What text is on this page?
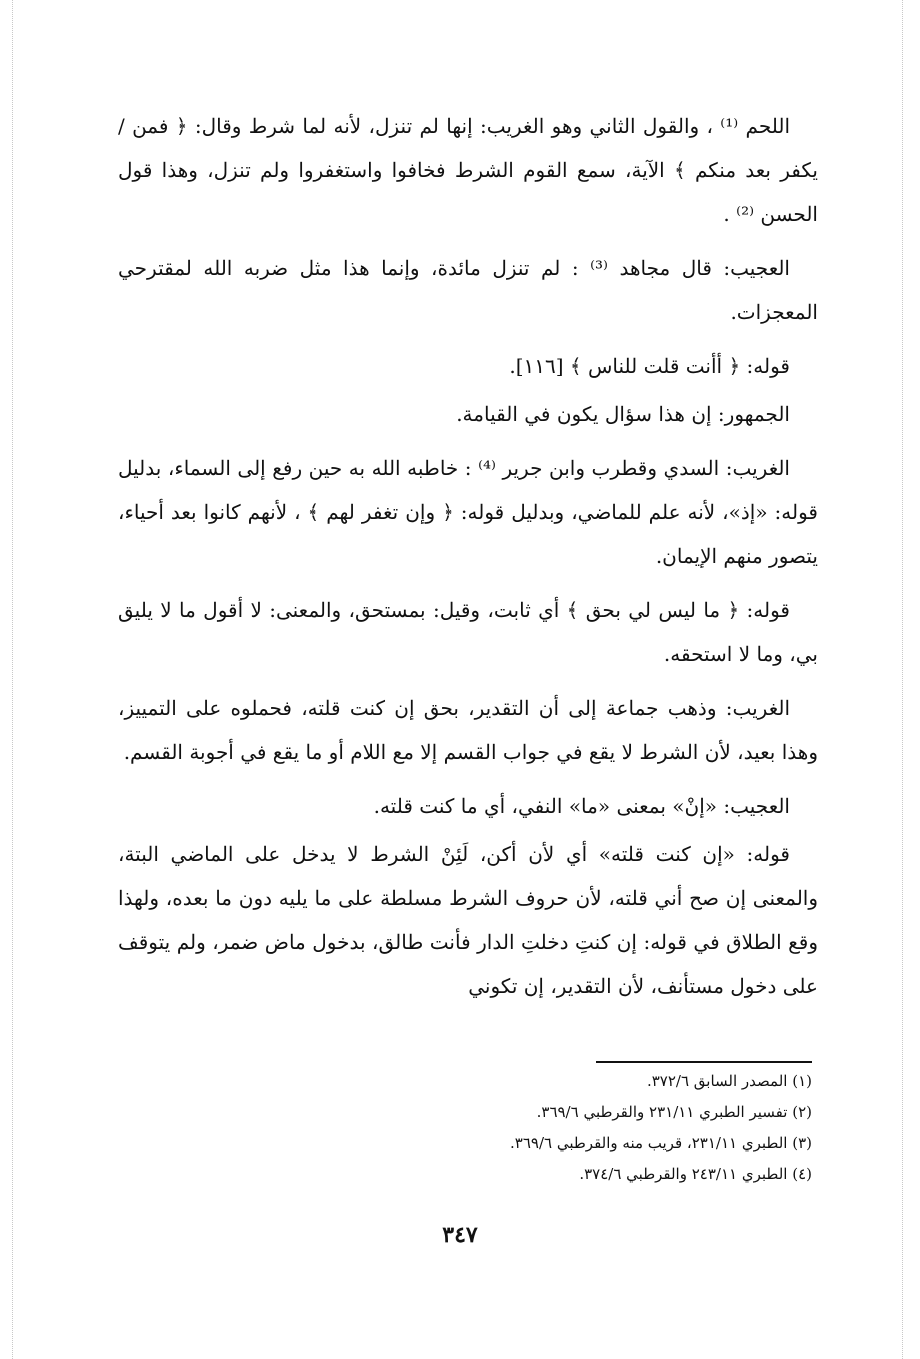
اللحم ⁽¹⁾ ، والقول الثاني وهو الغريب: إنها لم تنزل، لأنه لما شرط وقال: ﴿ فمن / يكفر بعد منكم ﴾ الآية، سمع القوم الشرط فخافوا واستغفروا ولم تنزل، وهذا قول الحسن ⁽²⁾ .

العجيب: قال مجاهد ⁽³⁾ : لم تنزل مائدة، وإنما هذا مثل ضربه الله لمقترحي المعجزات.

قوله: ﴿ أأنت قلت للناس ﴾ [١١٦].

الجمهور: إن هذا سؤال يكون في القيامة.

الغريب: السدي وقطرب وابن جرير ⁽⁴⁾ : خاطبه الله به حين رفع إلى السماء، بدليل قوله: «إذ»، لأنه علم للماضي، وبدليل قوله: ﴿ وإن تغفر لهم ﴾ ، لأنهم كانوا بعد أحياء، يتصور منهم الإيمان.

قوله: ﴿ ما ليس لي بحق ﴾ أي ثابت، وقيل: بمستحق، والمعنى: لا أقول ما لا يليق بي، وما لا استحقه.

الغريب: وذهب جماعة إلى أن التقدير، بحق إن كنت قلته، فحملوه على التمييز، وهذا بعيد، لأن الشرط لا يقع في جواب القسم إلا مع اللام أو ما يقع في أجوبة القسم.

العجيب: «إنْ» بمعنى «ما» النفي، أي ما كنت قلته.

قوله: «إن كنت قلته» أي لأن أكن، لَئِنْ الشرط لا يدخل على الماضي البتة، والمعنى إن صح أني قلته، لأن حروف الشرط مسلطة على ما يليه دون ما بعده، ولهذا وقع الطلاق في قوله: إن كنتِ دخلتِ الدار فأنت طالق، بدخول ماض ضمر، ولم يتوقف على دخول مستأنف، لأن التقدير، إن تكوني

(١) المصدر السابق ٣٧٢/٦.

(٢) تفسير الطبري ٢٣١/١١ والقرطبي ٣٦٩/٦.

(٣) الطبري ٢٣١/١١، قريب منه والقرطبي ٣٦٩/٦.

(٤) الطبري ٢٤٣/١١ والقرطبي ٣٧٤/٦.

٣٤٧
